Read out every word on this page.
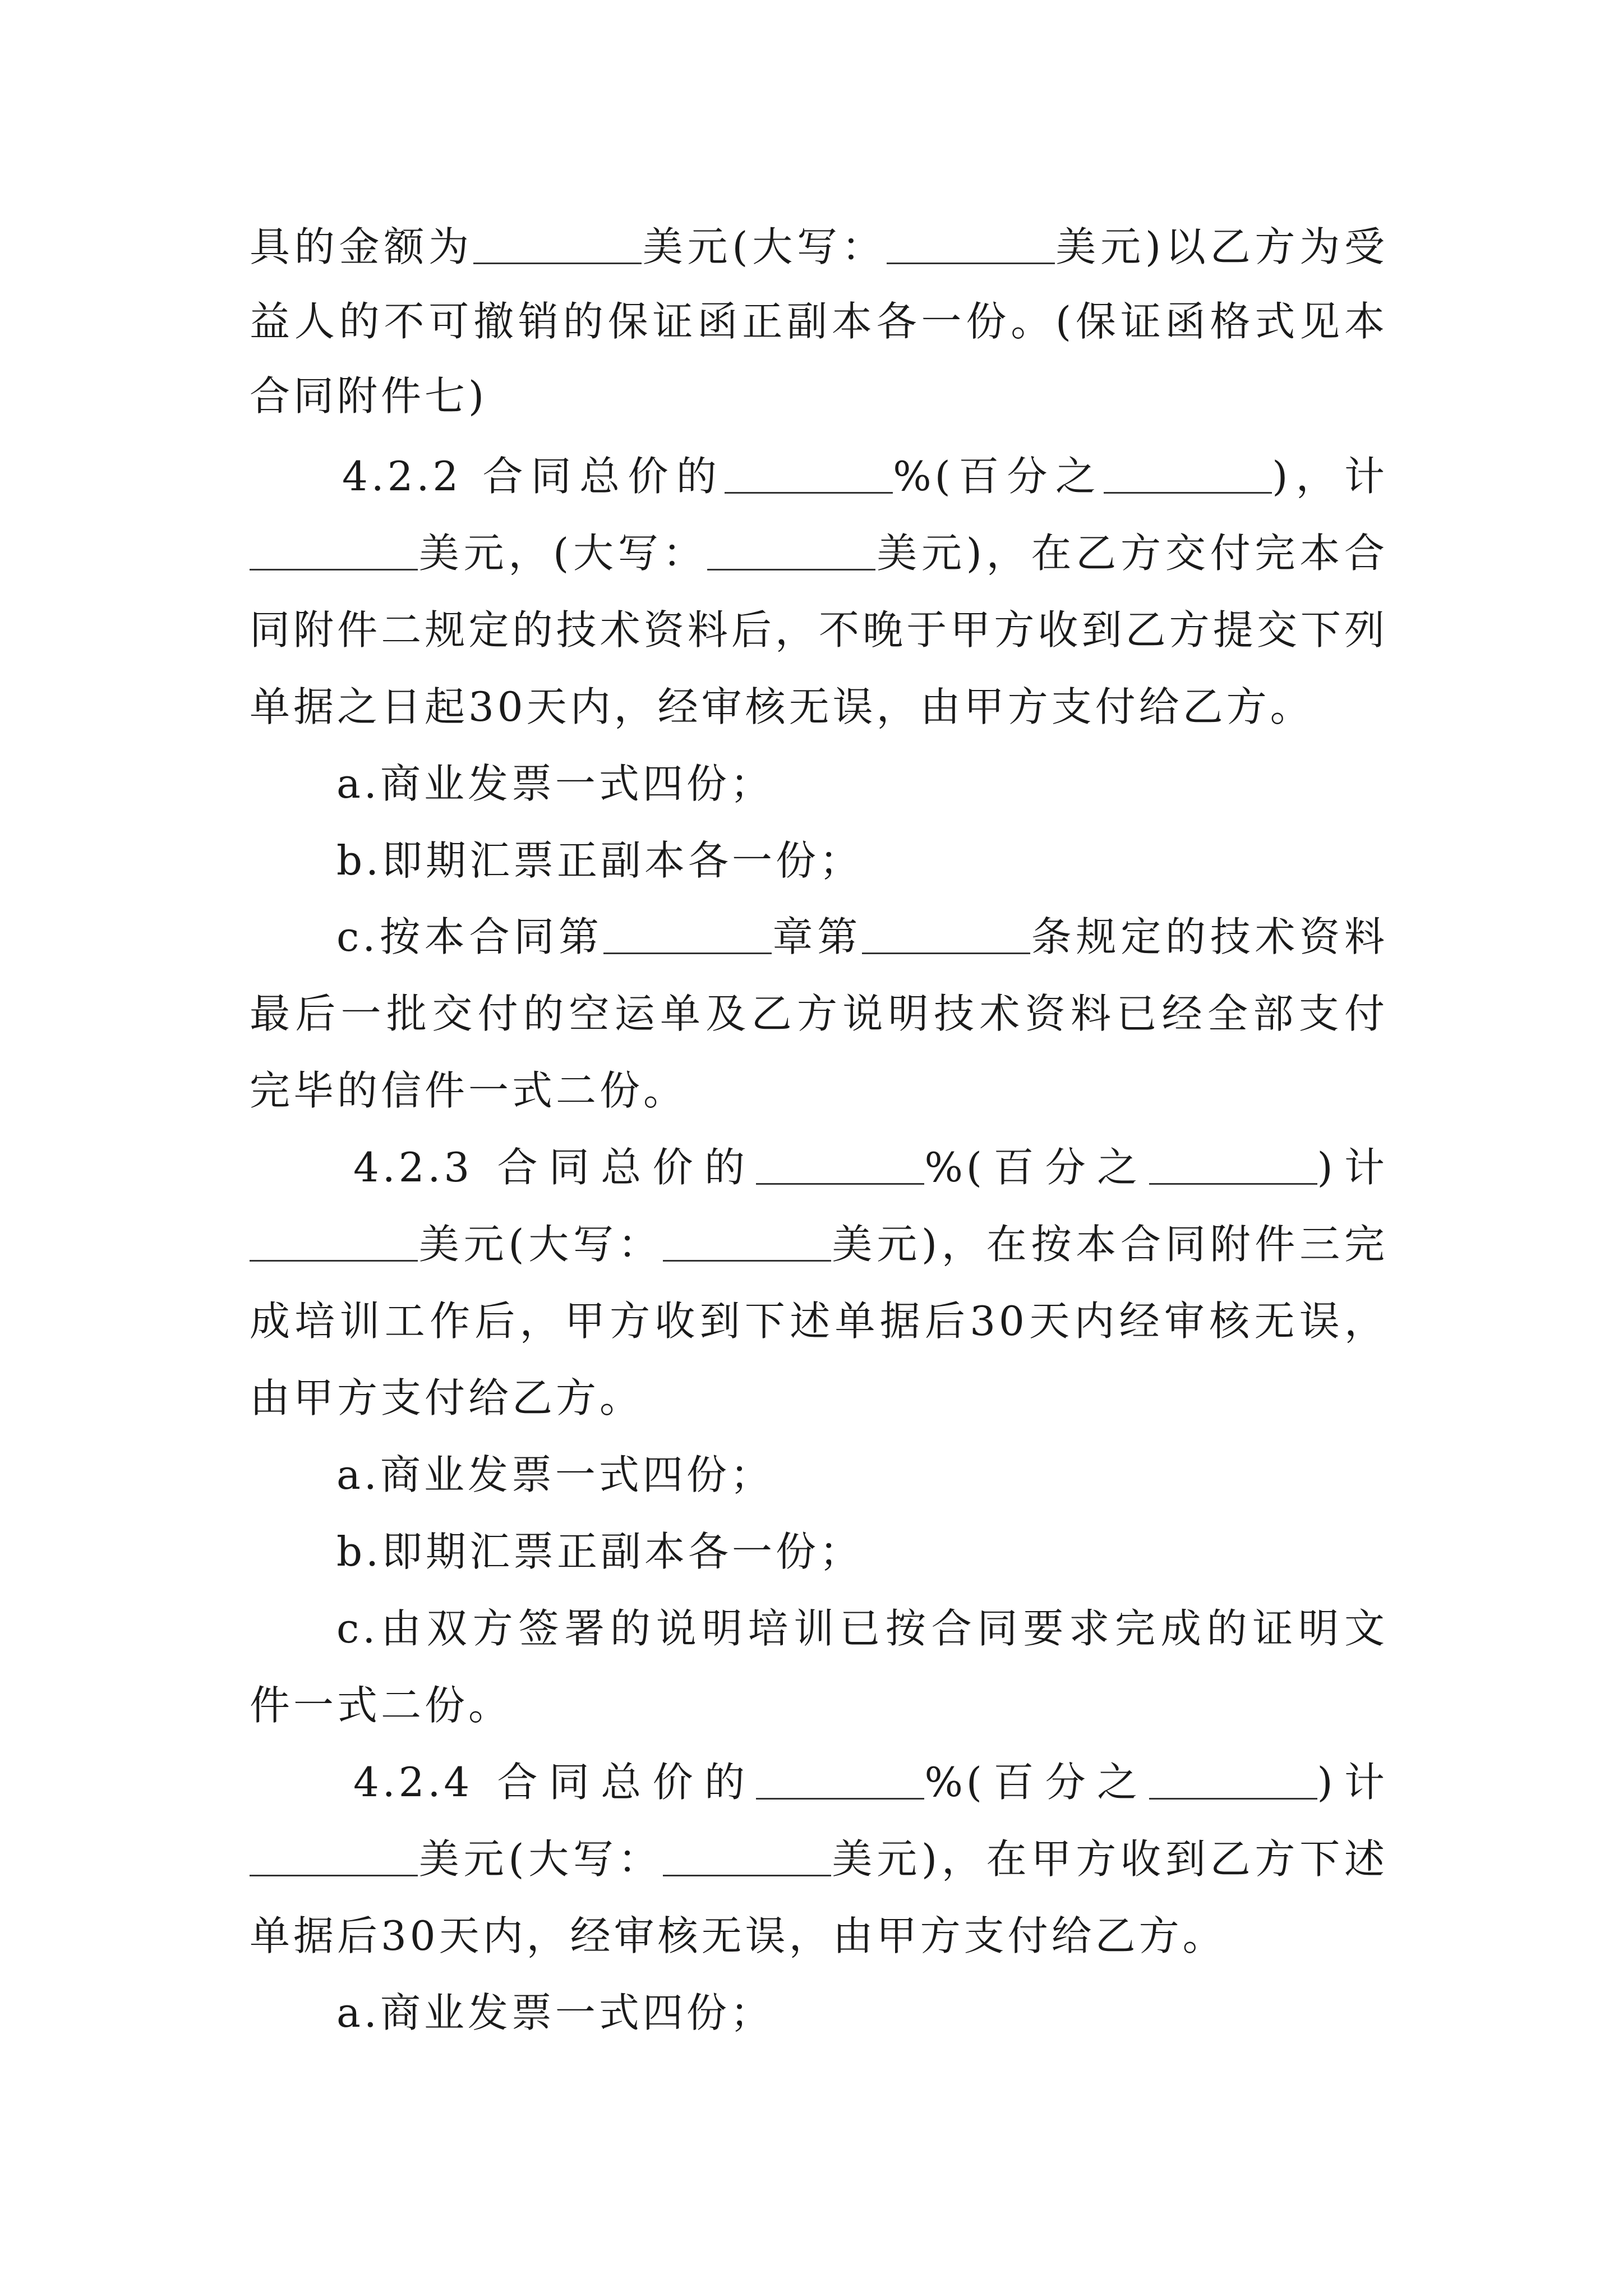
具的金额为	美元(大写：	美元)以乙方为受
益人的不可撤销的保证函正副本各一份。(保证函格式见本
合同附件七)
4.2.2 合同总价的	%(百分之	)，计
美元，(大写：	美元)，在乙方交付完本合
同附件二规定的技术资料后，不晚于甲方收到乙方提交下列
单据之日起30天内，经审核无误，由甲方支付给乙方。
a.商业发票一式四份；
b.即期汇票正副本各一份；
c.按本合同第	章第	条规定的技术资料
最后一批交付的空运单及乙方说明技术资料已经全部支付
完毕的信件一式二份。
4.2.3 合同总价的	%(百分之	)计
美元(大写：	美元)，在按本合同附件三完
成培训工作后，甲方收到下述单据后30天内经审核无误，
由甲方支付给乙方。
a.商业发票一式四份；
b.即期汇票正副本各一份；
c.由双方签署的说明培训已按合同要求完成的证明文
件一式二份。
4.2.4 合同总价的	%(百分之	)计
美元(大写：	美元)，在甲方收到乙方下述
单据后30天内，经审核无误，由甲方支付给乙方。
a.商业发票一式四份；
